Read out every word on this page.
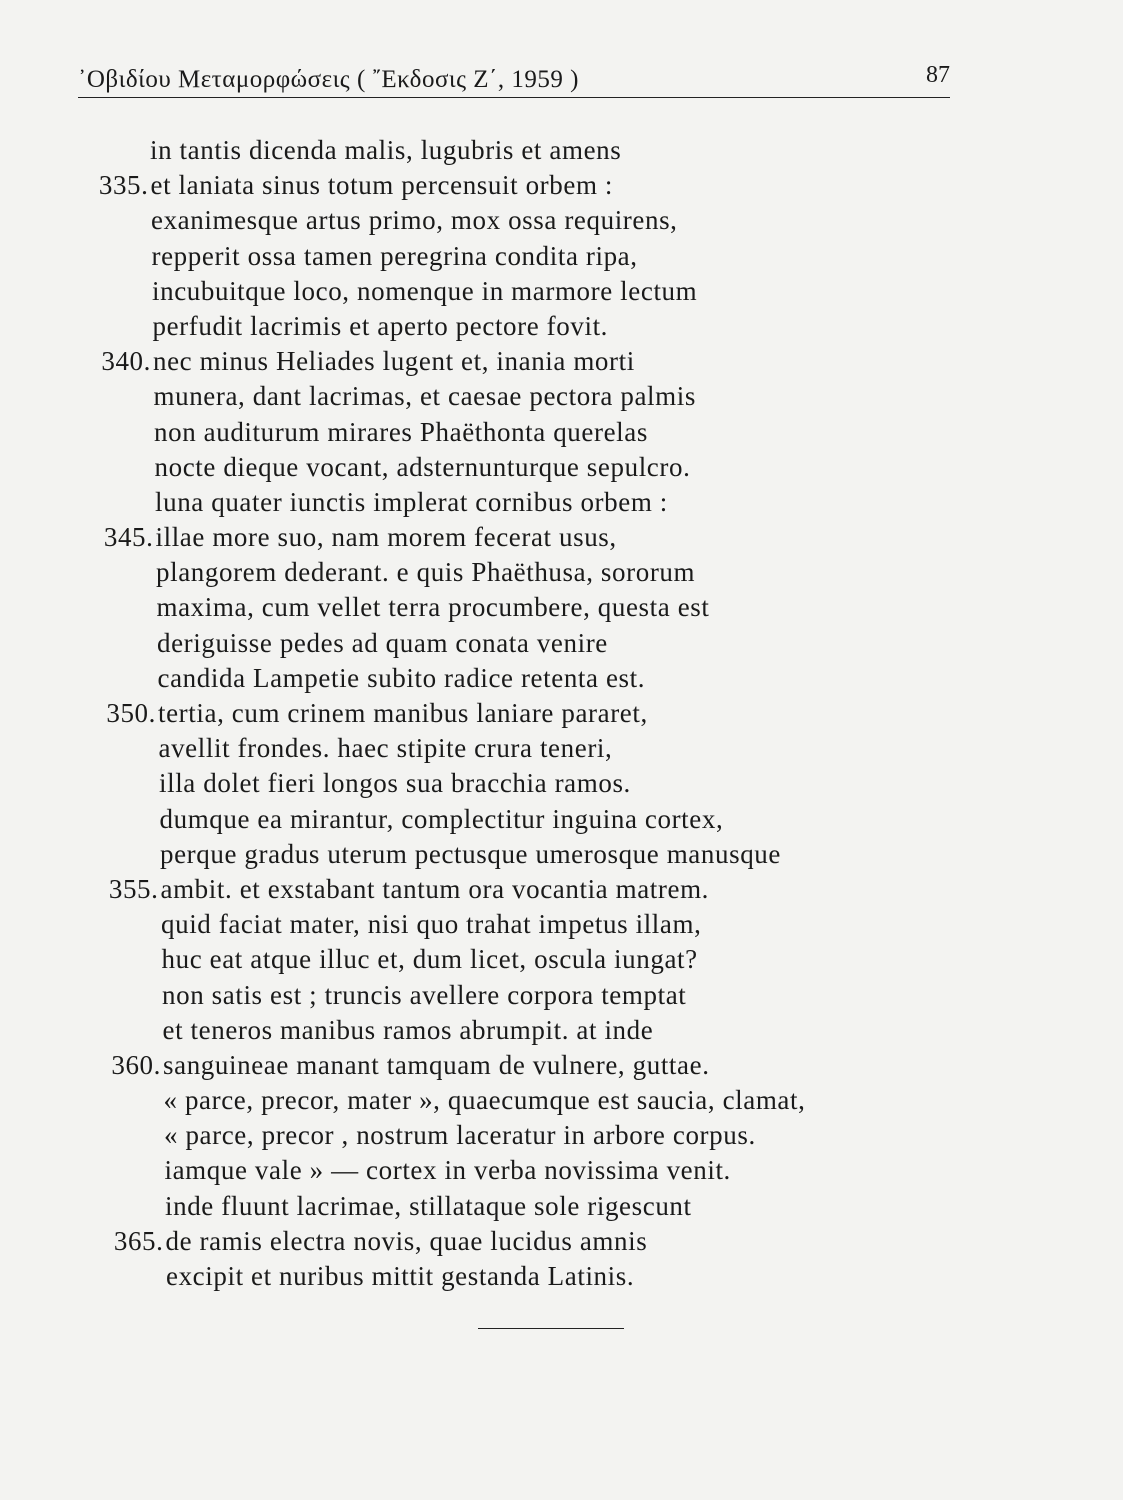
᾿Οβιδίου Μεταμορφώσεις ( ῎Εκδοσις Ζ΄, 1959 )	87
in tantis dicenda malis, lugubris et amens
335. et laniata sinus totum percensuit orbem :
exanimesque artus primo, mox ossa requirens,
repperit ossa tamen peregrina condita ripa,
incubuitque loco, nomenque in marmore lectum
perfudit lacrimis et aperto pectore fovit.
340. nec minus Heliades lugent et, inania morti
munera, dant lacrimas, et caesae pectora palmis
non auditurum mirares Phaëthonta querelas
nocte dieque vocant, adsternunturque sepulcro.
luna quater iunctis implerat cornibus orbem :
345. illae more suo, nam morem fecerat usus,
plangorem dederant. e quis Phaëthusa, sororum
maxima, cum vellet terra procumbere, questa est
deriguisse pedes ad quam conata venire
candida Lampetie subito radice retenta est.
350. tertia, cum crinem manibus laniare pararet,
avellit frondes. haec stipite crura teneri,
illa dolet fieri longos sua bracchia ramos.
dumque ea mirantur, complectitur inguina cortex,
perque gradus uterum pectusque umerosque manusque
355. ambit. et exstabant tantum ora vocantia matrem.
quid faciat mater, nisi quo trahat impetus illam,
huc eat atque illuc et, dum licet, oscula iungat?
non satis est ; truncis avellere corpora temptat
et teneros manibus ramos abrumpit. at inde
360. sanguineae manant tamquam de vulnere, guttae.
« parce, precor, mater », quaecumque est saucia, clamat,
« parce, precor , nostrum laceratur in arbore corpus.
iamque vale » — cortex in verba novissima venit.
inde fluunt lacrimae, stillataque sole rigescunt
365. de ramis electra novis, quae lucidus amnis
excipit et nuribus mittit gestanda Latinis.
